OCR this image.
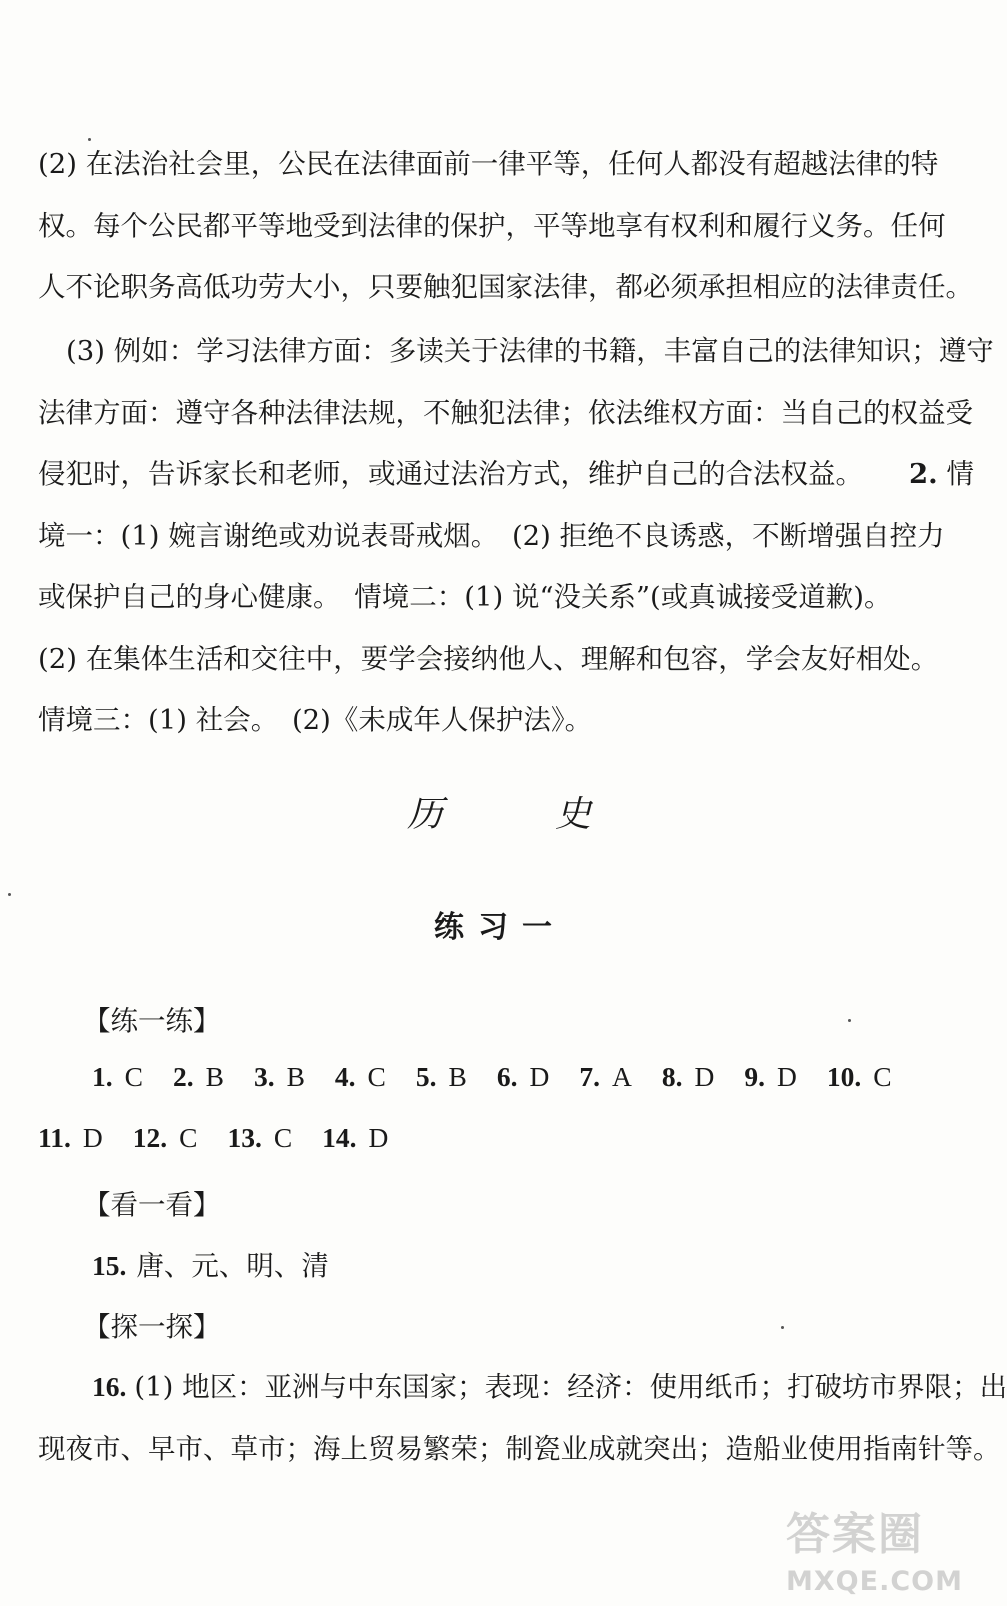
(2) 在法治社会里，公民在法律面前一律平等，任何人都没有超越法律的特
权。每个公民都平等地受到法律的保护，平等地享有权利和履行义务。任何
人不论职务高低功劳大小，只要触犯国家法律，都必须承担相应的法律责任。

(3) 例如：学习法律方面：多读关于法律的书籍，丰富自己的法律知识；遵守
法律方面：遵守各种法律法规，不触犯法律；依法维权方面：当自己的权益受
侵犯时，告诉家长和老师，或通过法治方式，维护自己的合法权益。 2. 情
境一：(1) 婉言谢绝或劝说表哥戒烟。　(2) 拒绝不良诱惑，不断增强自控力
或保护自己的身心健康。　情境二：(1) 说“没关系”(或真诚接受道歉)。
(2) 在集体生活和交往中，要学会接纳他人、理解和包容，学会友好相处。
情境三：(1) 社会。　(2)《未成年人保护法》。

历	史
练习一
【练一练】
1. C 2. B 3. B 4. C 5. B 6. D 7. A 8. D 9. D 10. C
11. D 12. C 13. C 14. D
【看一看】
15. 唐、元、明、清
【探一探】

16. (1) 地区：亚洲与中东国家；表现：经济：使用纸币；打破坊市界限；出
现夜市、早市、草市；海上贸易繁荣；制瓷业成就突出；造船业使用指南针等。

答案圈
MXQE.COM
